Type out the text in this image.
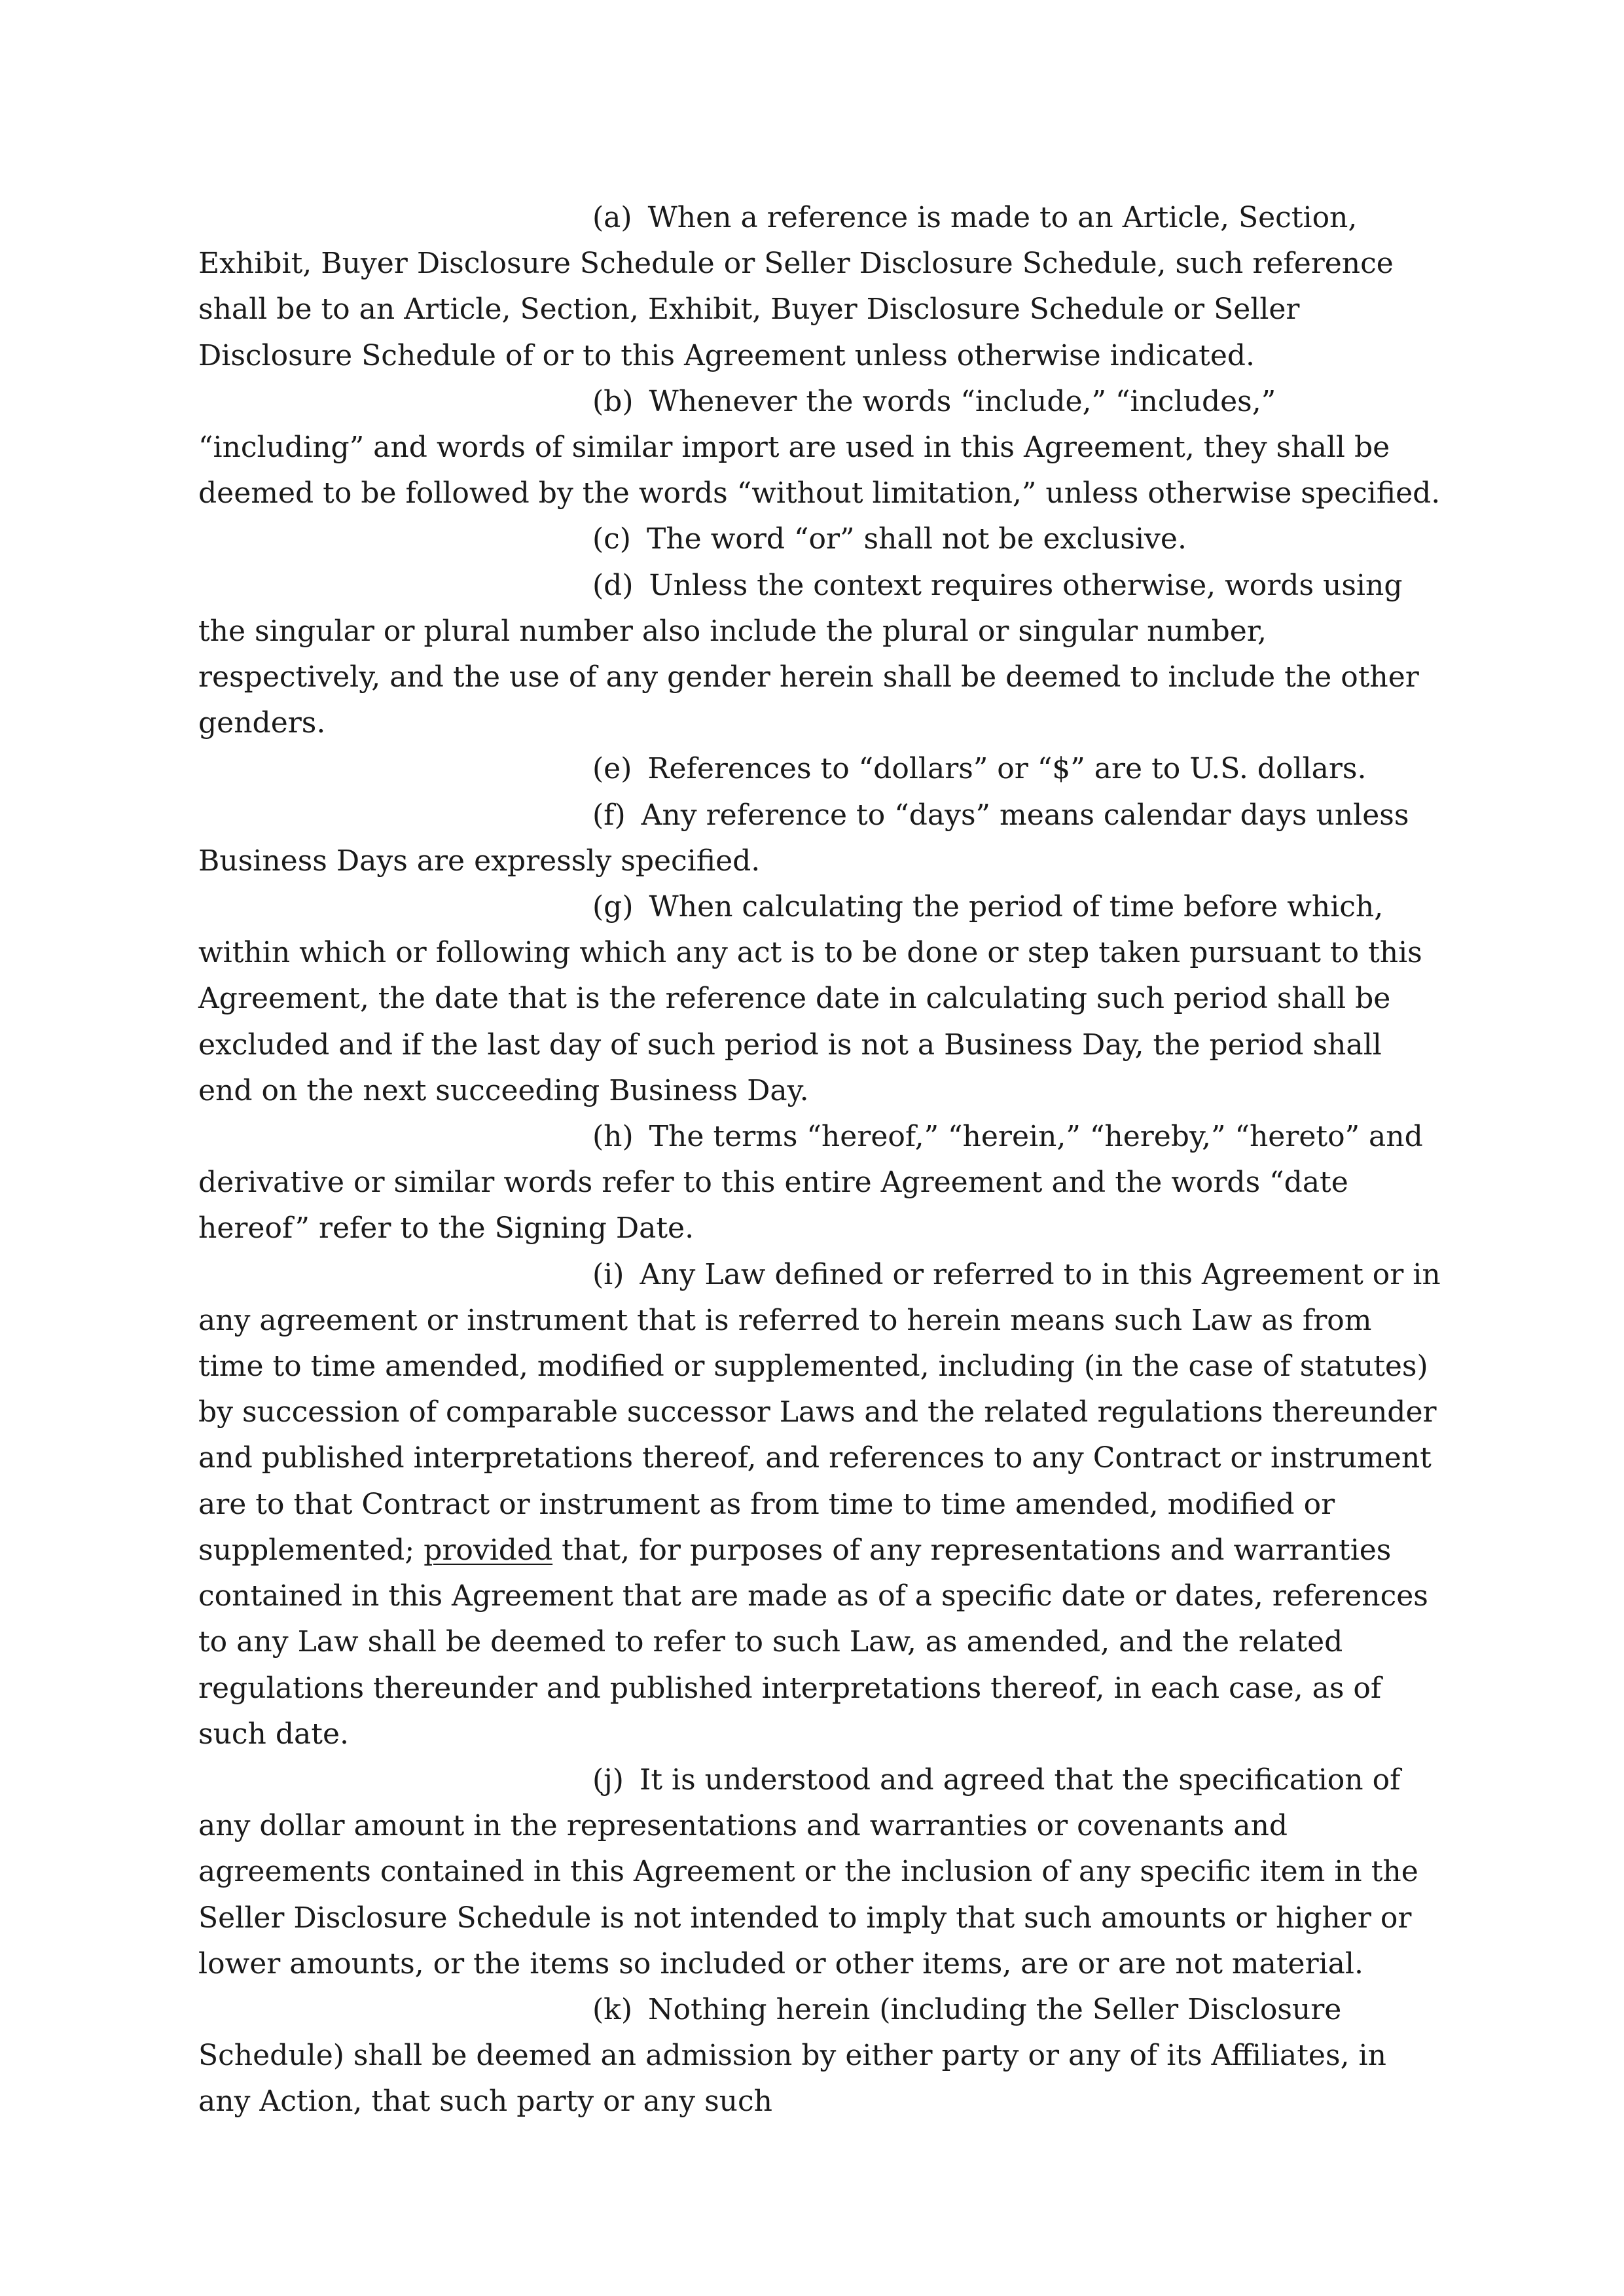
(a) When a reference is made to an Article, Section, Exhibit, Buyer Disclosure Schedule or Seller Disclosure Schedule, such reference shall be to an Article, Section, Exhibit, Buyer Disclosure Schedule or Seller Disclosure Schedule of or to this Agreement unless otherwise indicated.

(b) Whenever the words “include,” “includes,” “including” and words of similar import are used in this Agreement, they shall be deemed to be followed by the words “without limitation,” unless otherwise specified.

(c) The word “or” shall not be exclusive.

(d) Unless the context requires otherwise, words using the singular or plural number also include the plural or singular number, respectively, and the use of any gender herein shall be deemed to include the other genders.

(e) References to “dollars” or “$” are to U.S. dollars.

(f) Any reference to “days” means calendar days unless Business Days are expressly specified.

(g) When calculating the period of time before which, within which or following which any act is to be done or step taken pursuant to this Agreement, the date that is the reference date in calculating such period shall be excluded and if the last day of such period is not a Business Day, the period shall end on the next succeeding Business Day.

(h) The terms “hereof,” “herein,” “hereby,” “hereto” and derivative or similar words refer to this entire Agreement and the words “date hereof” refer to the Signing Date.

(i) Any Law defined or referred to in this Agreement or in any agreement or instrument that is referred to herein means such Law as from time to time amended, modified or supplemented, including (in the case of statutes) by succession of comparable successor Laws and the related regulations thereunder and published interpretations thereof, and references to any Contract or instrument are to that Contract or instrument as from time to time amended, modified or supplemented; provided that, for purposes of any representations and warranties contained in this Agreement that are made as of a specific date or dates, references to any Law shall be deemed to refer to such Law, as amended, and the related regulations thereunder and published interpretations thereof, in each case, as of such date.

(j) It is understood and agreed that the specification of any dollar amount in the representations and warranties or covenants and agreements contained in this Agreement or the inclusion of any specific item in the Seller Disclosure Schedule is not intended to imply that such amounts or higher or lower amounts, or the items so included or other items, are or are not material.

(k) Nothing herein (including the Seller Disclosure Schedule) shall be deemed an admission by either party or any of its Affiliates, in any Action, that such party or any such
